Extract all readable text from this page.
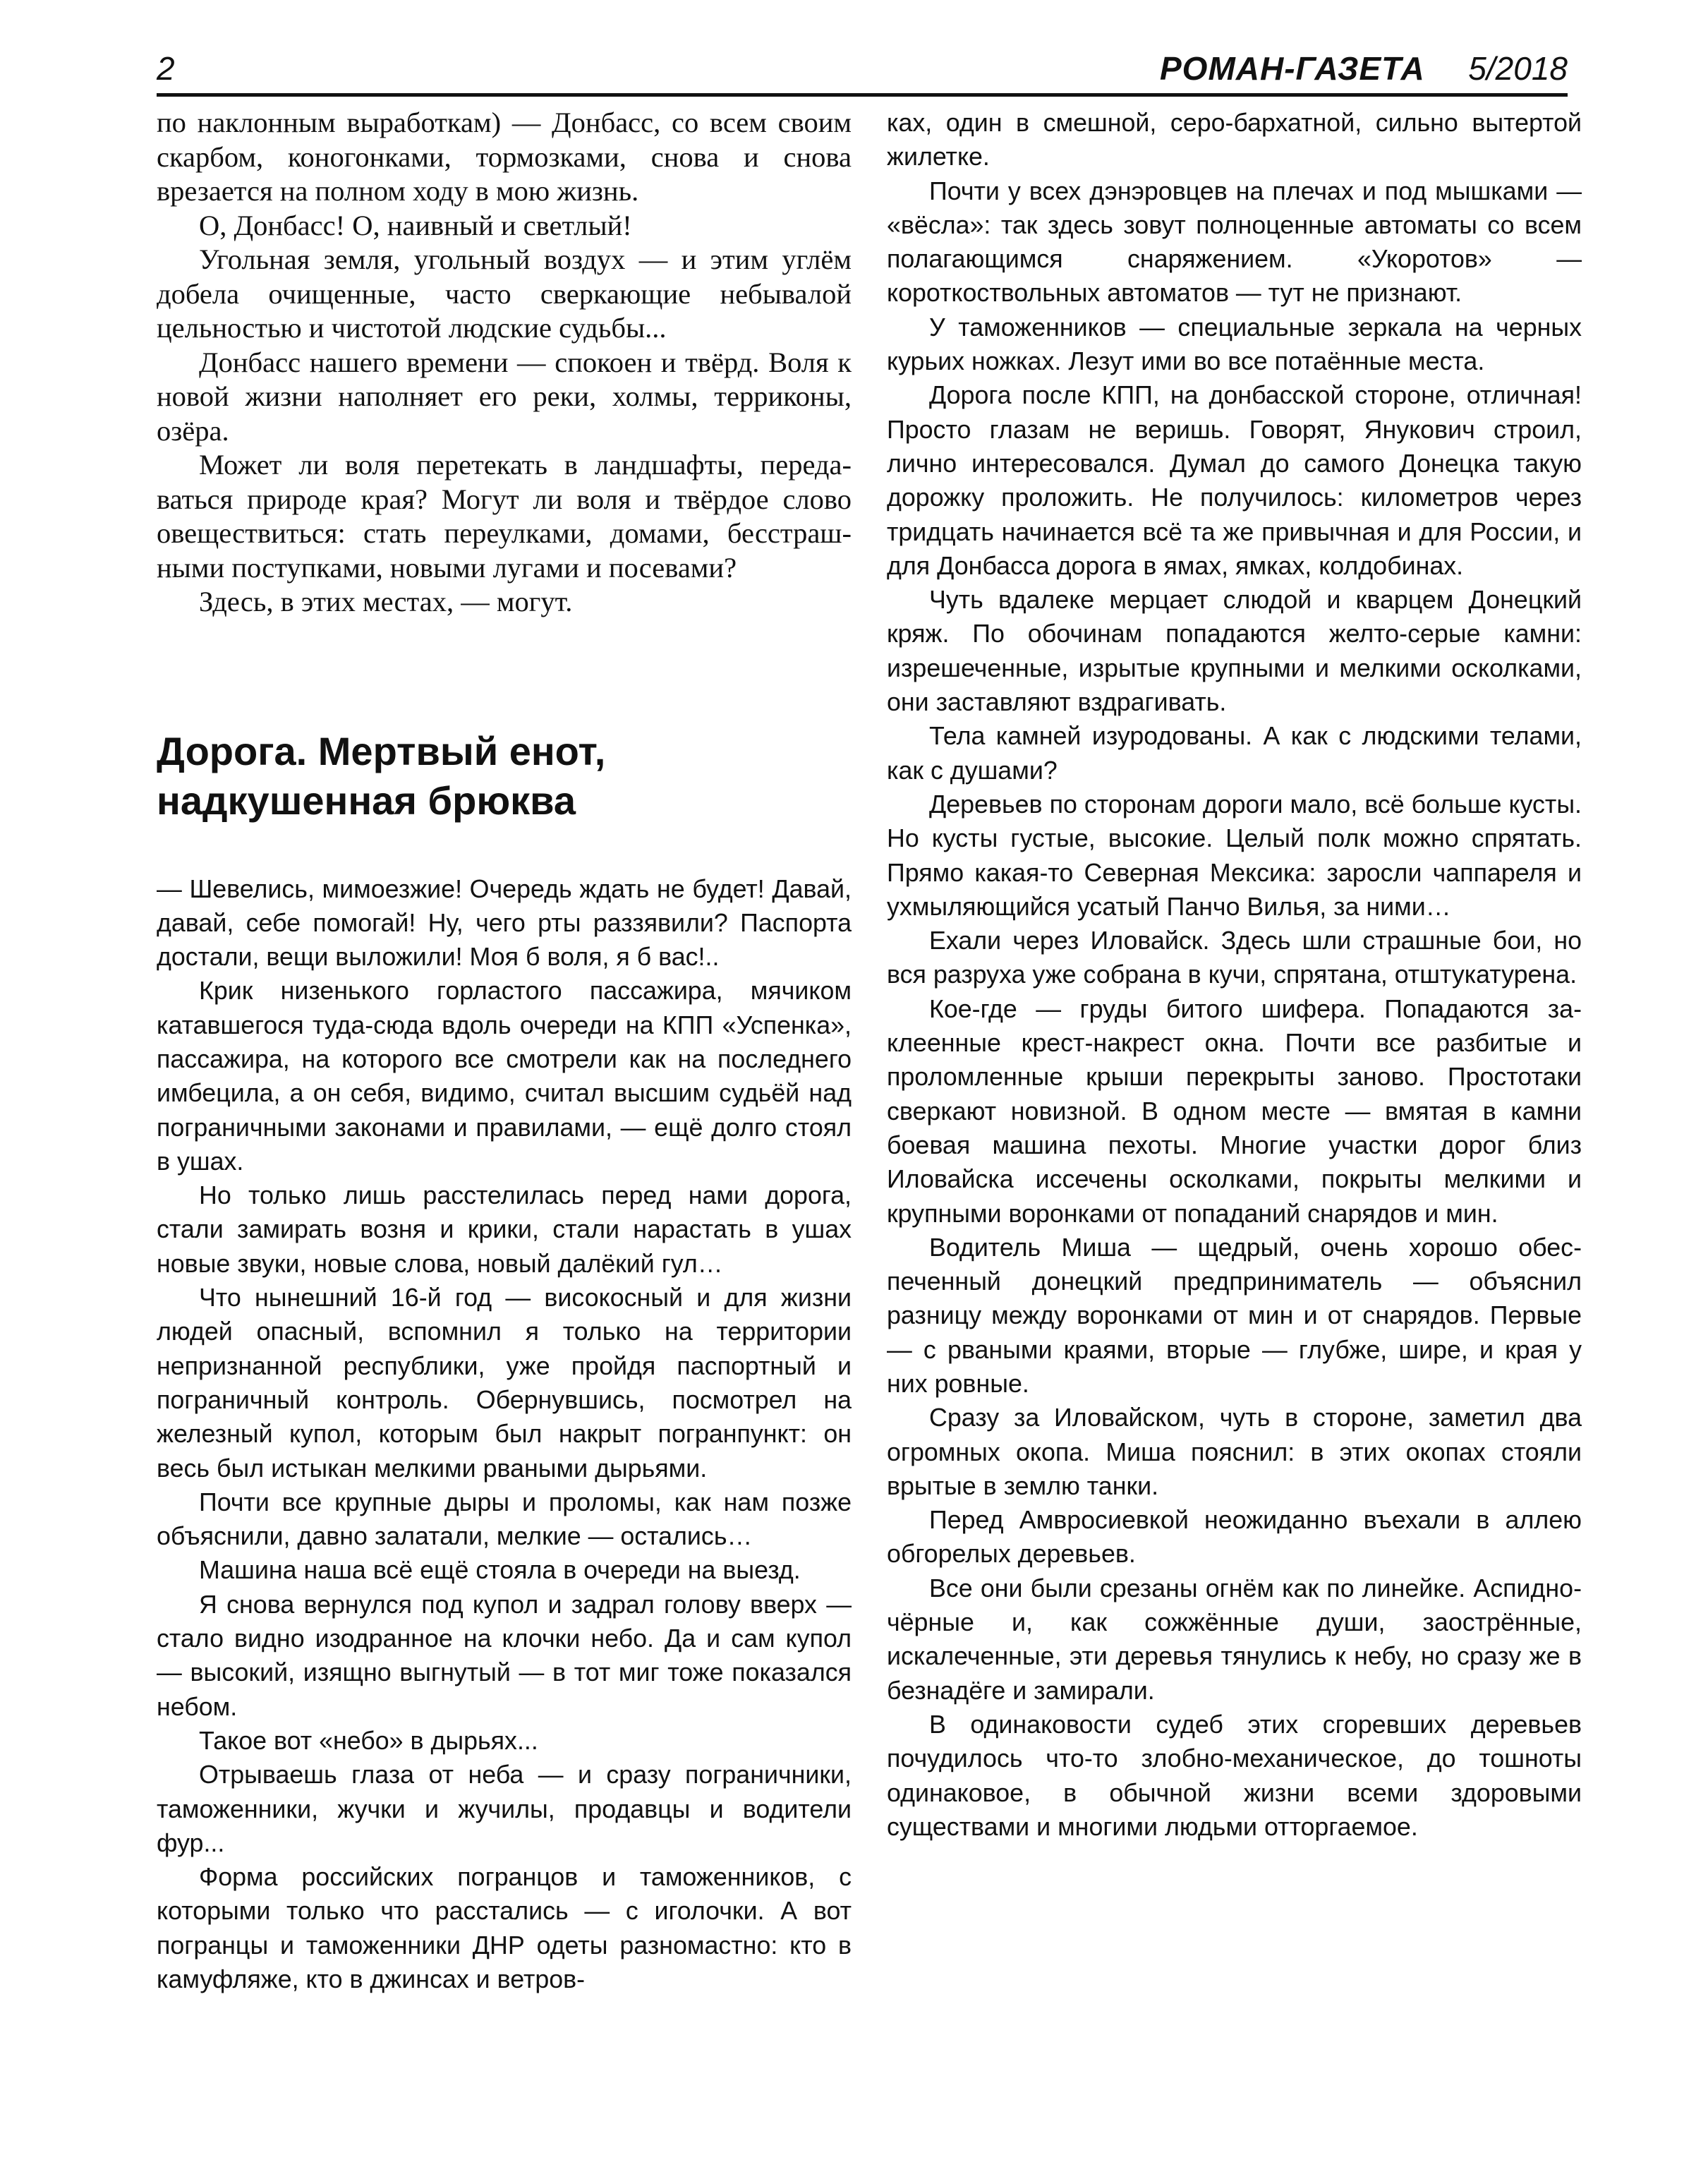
2	РОМАН-ГАЗЕТА 5/2018

по наклонным выработкам) — Донбасс, со всем своим скарбом, коногонками, тормозками, снова и снова врезается на полном ходу в мою жизнь.

О, Донбасс! О, наивный и светлый!

Угольная земля, угольный воздух — и этим углём добела очищенные, часто сверкающие небывалой цельностью и чистотой людские судьбы...

Донбасс нашего времени — спокоен и твёрд. Воля к новой жизни наполняет его реки, холмы, терриконы, озёра.

Может ли воля перетекать в ландшафты, передаваться природе края? Могут ли воля и твёрдое слово овеществиться: стать переулками, домами, бесстрашными поступками, новыми лугами и посевами?

Здесь, в этих местах, — могут.

Дорога. Мертвый енот, надкушенная брюква

— Шевелись, мимоезжие! Очередь ждать не будет! Давай, давай, себе помогай! Ну, чего рты раззявили? Паспорта достали, вещи выложили! Моя б воля, я б вас!..

Крик низенького горластого пассажира, мячиком катавшегося туда-сюда вдоль очереди на КПП «Успенка», пассажира, на которого все смотрели как на последнего имбецила, а он себя, видимо, считал высшим судьёй над пограничными законами и правилами, — ещё долго стоял в ушах.

Но только лишь расстелилась перед нами дорога, стали замирать возня и крики, стали нарастать в ушах новые звуки, новые слова, новый далёкий гул…

Что нынешний 16-й год — високосный и для жизни людей опасный, вспомнил я только на территории непризнанной республики, уже пройдя паспортный и пограничный контроль. Обернувшись, посмотрел на железный купол, которым был накрыт погранпункт: он весь был истыкан мелкими рваными дырьями.

Почти все крупные дыры и проломы, как нам позже объяснили, давно залатали, мелкие — остались…

Машина наша всё ещё стояла в очереди на выезд.

Я снова вернулся под купол и задрал голову вверх — стало видно изодранное на клочки небо. Да и сам купол — высокий, изящно выгнутый — в тот миг тоже показался небом.

Такое вот «небо» в дырьях...

Отрываешь глаза от неба — и сразу пограничники, таможенники, жучки и жучилы, продавцы и водители фур...

Форма российских погранцов и таможенников, с которыми только что расстались — с иголочки. А вот погранцы и таможенники ДНР одеты разномастно: кто в камуфляже, кто в джинсах и ветров-

ках, один в смешной, серо-бархатной, сильно вытертой жилетке.

Почти у всех дэнэровцев на плечах и под мышками — «вёсла»: так здесь зовут полноценные автоматы со всем полагающимся снаряжением. «Укоротов» — короткоствольных автоматов — тут не признают.

У таможенников — специальные зеркала на черных курьих ножках. Лезут ими во все потаённые места.

Дорога после КПП, на донбасской стороне, отличная! Просто глазам не веришь. Говорят, Янукович строил, лично интересовался. Думал до самого Донецка такую дорожку проложить. Не получилось: километров через тридцать начинается всё та же привычная и для России, и для Донбасса дорога в ямах, ямках, колдобинах.

Чуть вдалеке мерцает слюдой и кварцем Донецкий кряж. По обочинам попадаются желто-серые камни: изрешеченные, изрытые крупными и мелкими осколками, они заставляют вздрагивать.

Тела камней изуродованы. А как с людскими телами, как с душами?

Деревьев по сторонам дороги мало, всё больше кусты. Но кусты густые, высокие. Целый полк можно спрятать. Прямо какая-то Северная Мексика: заросли чаппареля и ухмыляющийся усатый Панчо Вилья, за ними…

Ехали через Иловайск. Здесь шли страшные бои, но вся разруха уже собрана в кучи, спрятана, отштукатурена.

Кое-где — груды битого шифера. Попадаются заклеенные крест-накрест окна. Почти все разбитые и проломленные крыши перекрыты заново. Простотаки сверкают новизной. В одном месте — вмятая в камни боевая машина пехоты. Многие участки дорог близ Иловайска иссечены осколками, покрыты мелкими и крупными воронками от попаданий снарядов и мин.

Водитель Миша — щедрый, очень хорошо обеспеченный донецкий предприниматель — объяснил разницу между воронками от мин и от снарядов. Первые — с рваными краями, вторые — глубже, шире, и края у них ровные.

Сразу за Иловайском, чуть в стороне, заметил два огромных окопа. Миша пояснил: в этих окопах стояли врытые в землю танки.

Перед Амвросиевкой неожиданно въехали в аллею обгорелых деревьев.

Все они были срезаны огнём как по линейке. Аспидно-чёрные и, как сожжённые души, заострённые, искалеченные, эти деревья тянулись к небу, но сразу же в безнадёге и замирали.

В одинаковости судеб этих сгоревших деревьев почудилось что-то злобно-механическое, до тошноты одинаковое, в обычной жизни всеми здоровыми существами и многими людьми отторгаемое.
